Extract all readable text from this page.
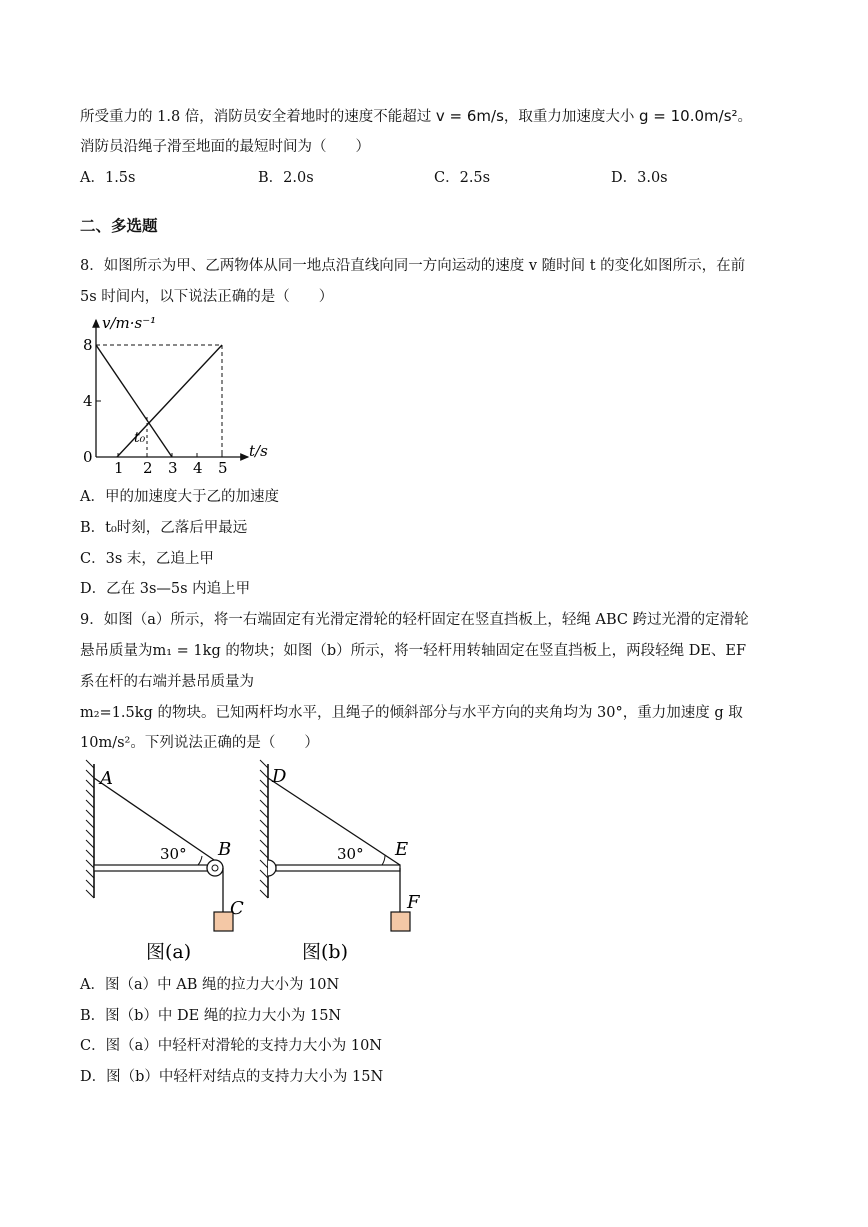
所受重力的 1.8 倍，消防员安全着地时的速度不能超过 v = 6m/s，取重力加速度大小 g = 10.0m/s²。
消防员沿绳子滑至地面的最短时间为（　　）
A．1.5s	B．2.0s	C．2.5s	D．3.0s
二、多选题
8．如图所示为甲、乙两物体从同一地点沿直线向同一方向运动的速度 v 随时间 t 的变化如图所示，在前
5s 时间内，以下说法正确的是（　　）
v/m·s⁻¹
t/s
0
8
4
1 2 3 4 5
t₀
A．甲的加速度大于乙的加速度
B．t₀时刻，乙落后甲最远
C．3s 末，乙追上甲
D．乙在 3s—5s 内追上甲
9．如图（a）所示，将一右端固定有光滑定滑轮的轻杆固定在竖直挡板上，轻绳 ABC 跨过光滑的定滑轮
悬吊质量为m₁ = 1kg 的物块；如图（b）所示，将一轻杆用转轴固定在竖直挡板上，两段轻绳 DE、EF
系在杆的右端并悬吊质量为
m₂=1.5kg 的物块。已知两杆均水平，且绳子的倾斜部分与水平方向的夹角均为 30°，重力加速度 g 取
10m/s²。下列说法正确的是（　　）
A
B
C
30°
图(a)
D
E
F
30°
图(b)
A．图（a）中 AB 绳的拉力大小为 10N
B．图（b）中 DE 绳的拉力大小为 15N
C．图（a）中轻杆对滑轮的支持力大小为 10N
D．图（b）中轻杆对结点的支持力大小为 15N
